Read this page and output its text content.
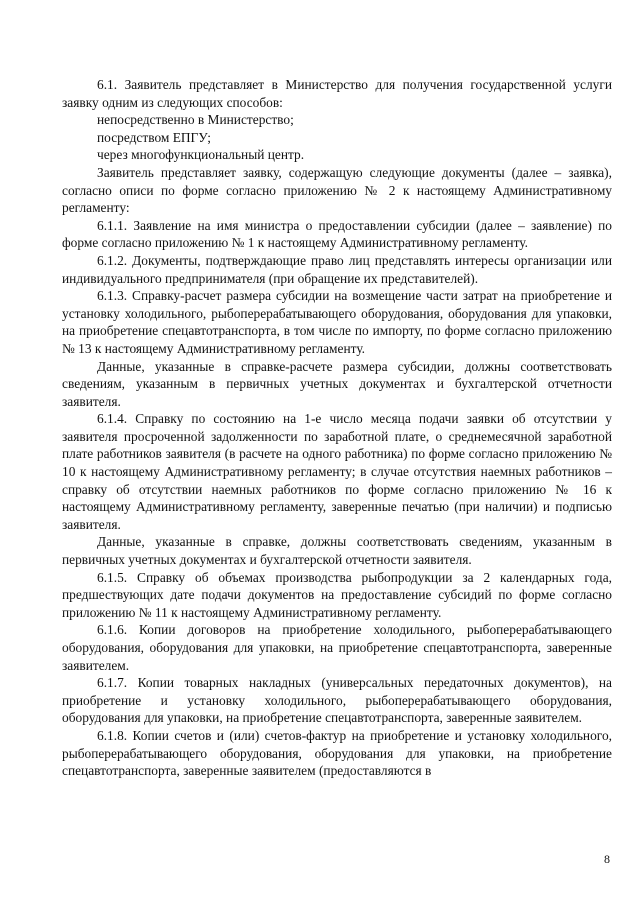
6.1. Заявитель представляет в Министерство для получения государственной услуги заявку одним из следующих способов:

непосредственно в Министерство;

посредством ЕПГУ;

через многофункциональный центр.

Заявитель представляет заявку, содержащую следующие документы (далее – заявка), согласно описи по форме согласно приложению № 2 к настоящему Административному регламенту:

6.1.1. Заявление на имя министра о предоставлении субсидии (далее – заявление) по форме согласно приложению № 1 к настоящему Административному регламенту.

6.1.2. Документы, подтверждающие право лиц представлять интересы организации или индивидуального предпринимателя (при обращение их представителей).

6.1.3. Справку-расчет размера субсидии на возмещение части затрат на приобретение и установку холодильного, рыбоперерабатывающего оборудования, оборудования для упаковки, на приобретение спецавтотранспорта, в том числе по импорту, по форме согласно приложению № 13 к настоящему Административному регламенту.

Данные, указанные в справке-расчете размера субсидии, должны соответствовать сведениям, указанным в первичных учетных документах и бухгалтерской отчетности заявителя.

6.1.4. Справку по состоянию на 1-е число месяца подачи заявки об отсутствии у заявителя просроченной задолженности по заработной плате, о среднемесячной заработной плате работников заявителя (в расчете на одного работника) по форме согласно приложению № 10 к настоящему Административному регламенту; в случае отсутствия наемных работников – справку об отсутствии наемных работников по форме согласно приложению № 16 к настоящему Административному регламенту, заверенные печатью (при наличии) и подписью заявителя.

Данные, указанные в справке, должны соответствовать сведениям, указанным в первичных учетных документах и бухгалтерской отчетности заявителя.

6.1.5. Справку об объемах производства рыбопродукции за 2 календарных года, предшествующих дате подачи документов на предоставление субсидий по форме согласно приложению № 11 к настоящему Административному регламенту.

6.1.6. Копии договоров на приобретение холодильного, рыбоперерабатывающего оборудования, оборудования для упаковки, на приобретение спецавтотранспорта, заверенные заявителем.

6.1.7. Копии товарных накладных (универсальных передаточных документов), на приобретение и установку холодильного, рыбоперерабатывающего оборудования, оборудования для упаковки, на приобретение спецавтотранспорта, заверенные заявителем.

6.1.8. Копии счетов и (или) счетов-фактур на приобретение и установку холодильного, рыбоперерабатывающего оборудования, оборудования для упаковки, на приобретение спецавтотранспорта, заверенные заявителем (предоставляются в

8
